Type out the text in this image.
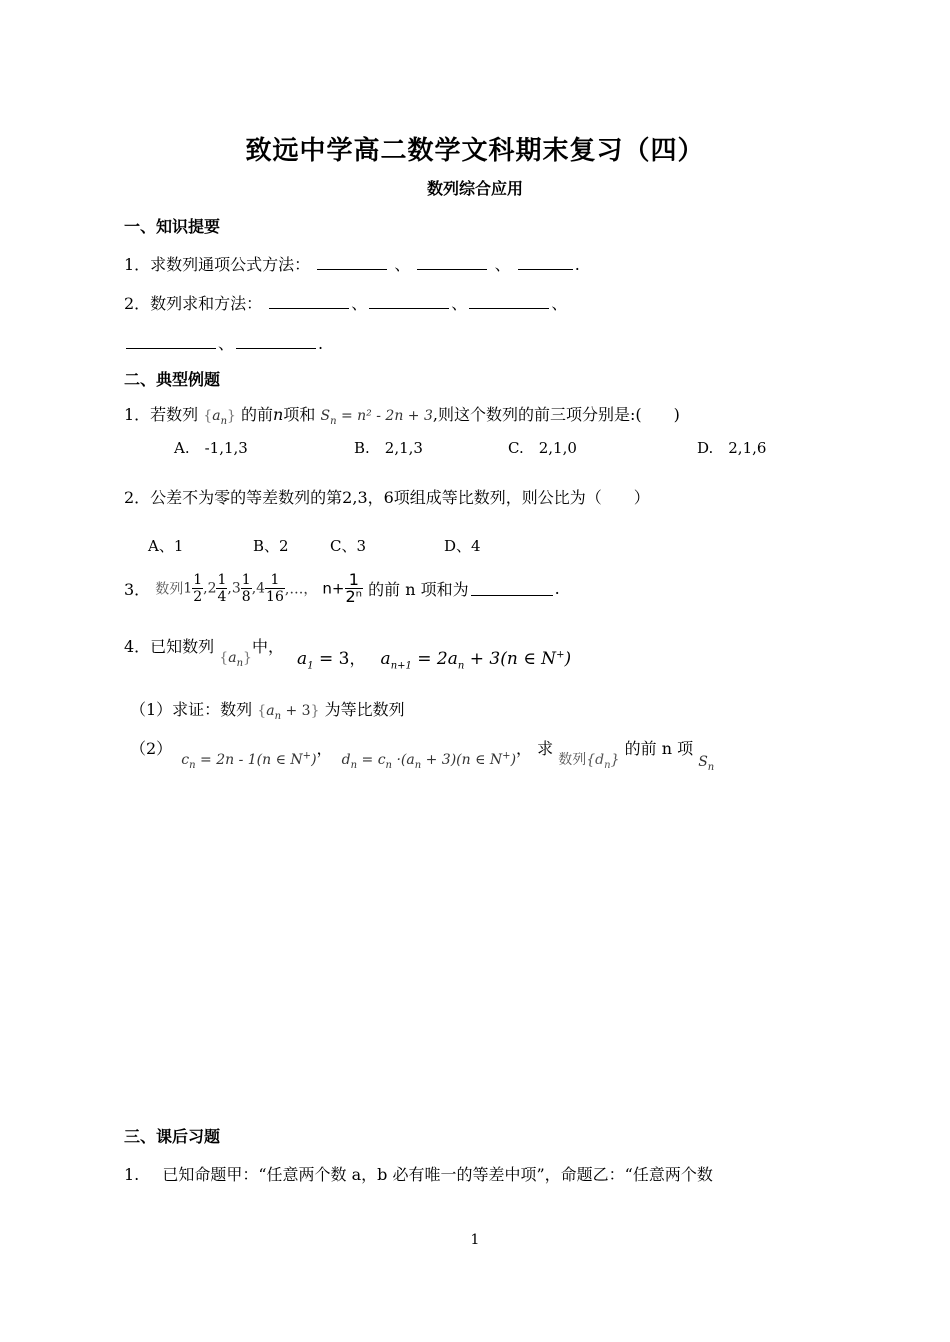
致远中学高二数学文科期末复习（四）
数列综合应用
一、知识提要
1．求数列通项公式方法：	、	、	.
2．数列求和方法：	、	、	、
、	.
二、典型例题
1．若数列 $\{a_n\}$ 的前n项和 $S_n = n^2 - 2n + 3$,则这个数列的前三项分别是:(　　)
A.　-1,1,3	B.　2,1,3	C.　2,1,0	D.　2,1,6
2．公差不为零的等差数列的第2,3，6项组成等比数列，则公比为（　　）
A、1	B、2	C、3	D、4
3． 数列$1 \frac{1}{2} ,2 \frac{1}{4} ,3 \frac{1}{8} ,4 \frac{1}{16}$ ,…， $n+ \frac{1}{\text{2ⁿ}}$ 的前 n 项和为	.
4．已知数列 $\{a_n\}$中， $a_1 = 3$， $a_{n+1} = 2a_n + 3(n$ ∈ N+)
（1）求证：数列 $\{a_n + 3\}$ 为等比数列
（2） $c_n = 2n - 1(n$ ∈ N+)， $d_n = c_n \cdot(a_n + 3)(n$ ∈ N+)， 求 数列$\{d_n\}$ 的前 n 项 $S_n$
三、课后习题
1. 已知命题甲：“任意两个数 a，b 必有唯一的等差中项”，命题乙：“任意两个数
1
